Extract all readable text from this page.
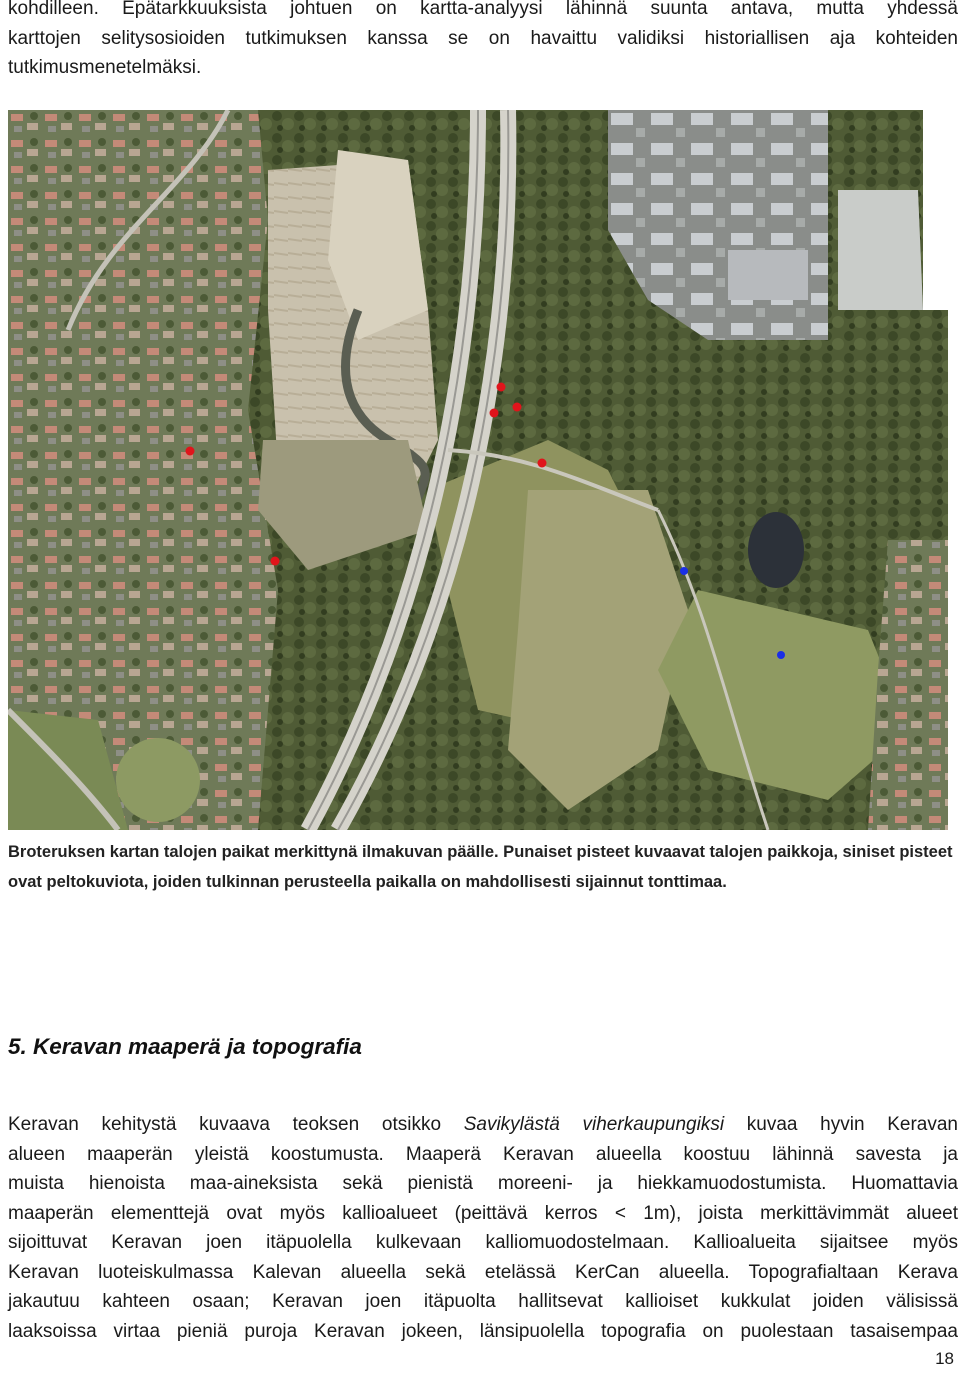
kohdilleen. Epätarkkuuksista johtuen on kartta-analyysi lähinnä suunta antava, mutta yhdessä
karttojen selitysosioiden tutkimuksen kanssa se on havaittu validiksi historiallisen aja kohteiden
tutkimusmenetelmäksi.

Broteruksen kartan talojen paikat merkittynä ilmakuvan päälle. Punaiset pisteet kuvaavat talojen paikkoja, siniset pisteet ovat peltokuviota, joiden tulkinnan perusteella paikalla on mahdollisesti sijainnut tonttimaa.

5. Keravan maaperä ja topografia
Keravan kehitystä kuvaava teoksen otsikko Savikylästä viherkaupungiksi kuvaa hyvin Keravan
alueen maaperän yleistä koostumusta. Maaperä Keravan alueella koostuu lähinnä savesta ja
muista hienoista maa-aineksista sekä pienistä moreeni- ja hiekkamuodostumista. Huomattavia
maaperän elementtejä ovat myös kallioalueet (peittävä kerros < 1m), joista merkittävimmät alueet
sijoittuvat Keravan joen itäpuolella kulkevaan kalliomuodostelmaan. Kallioalueita sijaitsee myös
Keravan luoteiskulmassa Kalevan alueella sekä etelässä KerCan alueella. Topografialtaan Kerava
jakautuu kahteen osaan; Keravan joen itäpuolta hallitsevat kallioiset kukkulat joiden välisissä
laaksoissa virtaa pieniä puroja Keravan jokeen, länsipuolella topografia on puolestaan tasaisempaa
18
